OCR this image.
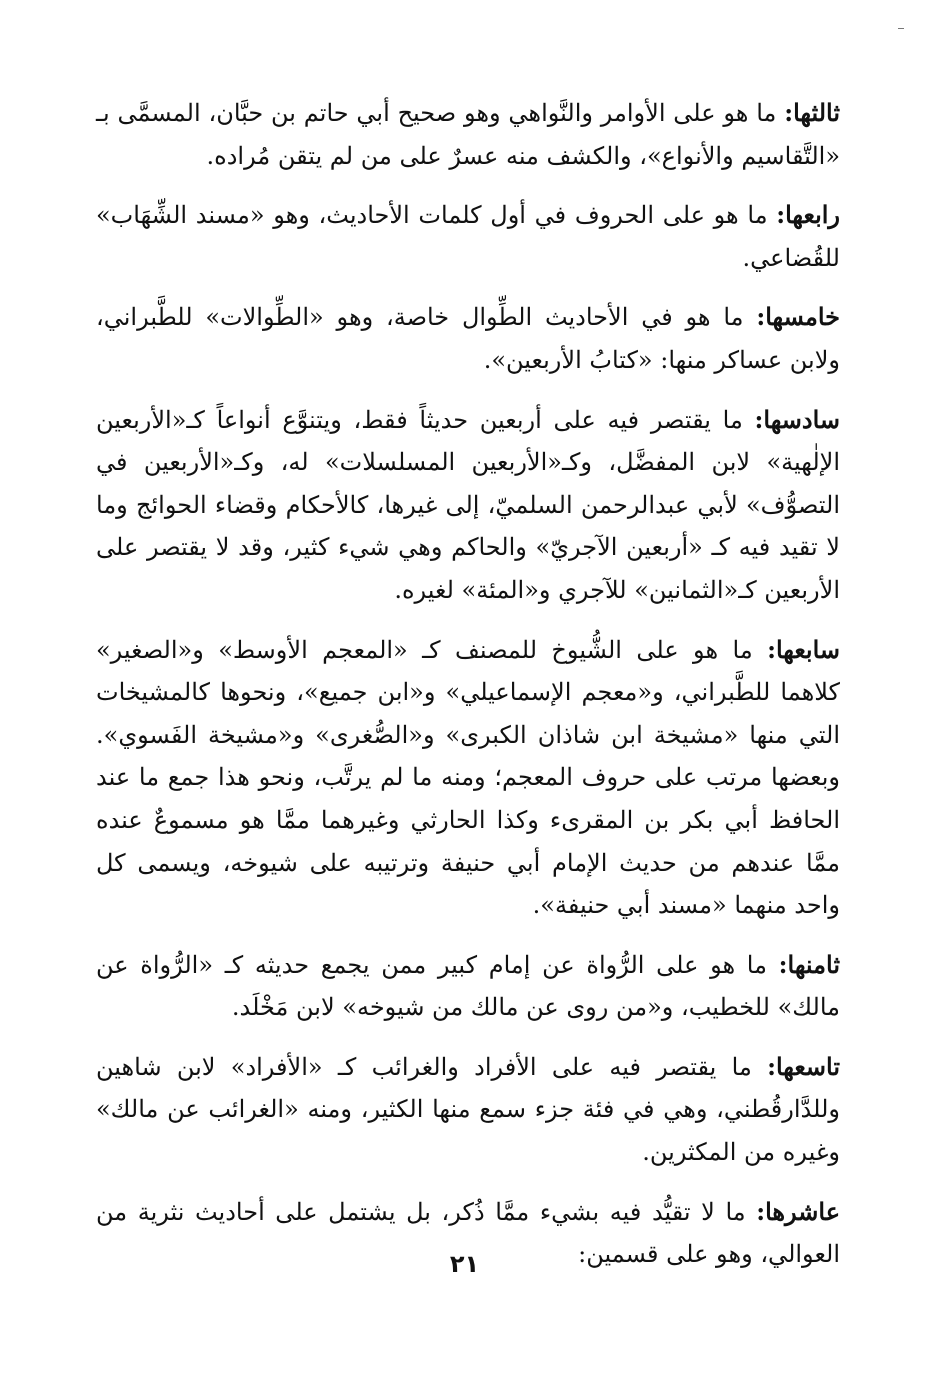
ثالثها: ما هو على الأوامر والنَّواهي وهو صحيح أبي حاتم بن حبَّان، المسمَّى بـ «التَّقاسيم والأنواع»، والكشف منه عسرٌ على من لم يتقن مُراده.

رابعها: ما هو على الحروف في أول كلمات الأحاديث، وهو «مسند الشِّهَاب» للقُضاعي.

خامسها: ما هو في الأحاديث الطِّوال خاصة، وهو «الطِّوالات» للطَّبراني، ولابن عساكر منها: «كتابُ الأربعين».

سادسها: ما يقتصر فيه على أربعين حديثاً فقط، ويتنوَّع أنواعاً كـ«الأربعين الإلٰهية» لابن المفضَّل، وكـ«الأربعين المسلسلات» له، وكـ«الأربعين في التصوُّف» لأبي عبدالرحمن السلميّ، إلى غيرها، كالأحكام وقضاء الحوائج وما لا تقيد فيه كـ «أربعين الآجريّ» والحاكم وهي شيء كثير، وقد لا يقتصر على الأربعين كـ«الثمانين» للآجري و«المئة» لغيره.

سابعها: ما هو على الشُّيوخ للمصنف كـ «المعجم الأوسط» و«الصغير» كلاهما للطَّبراني، و«معجم الإسماعيلي» و«ابن جميع»، ونحوها كالمشيخات التي منها «مشيخة ابن شاذان الكبرى» و«الصُّغرى» و«مشيخة الفَسوي». وبعضها مرتب على حروف المعجم؛ ومنه ما لم يرتَّب، ونحو هذا جمع ما عند الحافظ أبي بكر بن المقرىء وكذا الحارثي وغيرهما ممَّا هو مسموعٌ عنده ممَّا عندهم من حديث الإمام أبي حنيفة وترتيبه على شيوخه، ويسمى كل واحد منهما «مسند أبي حنيفة».

ثامنها: ما هو على الرُّواة عن إمام كبير ممن يجمع حديثه كـ «الرُّواة عن مالك» للخطيب، و«من روى عن مالك من شيوخه» لابن مَخْلَد.

تاسعها: ما يقتصر فيه على الأفراد والغرائب كـ «الأفراد» لابن شاهين وللدَّارقُطني، وهي في فئة جزء سمع منها الكثير، ومنه «الغرائب عن مالك» وغيره من المكثرين.

عاشرها: ما لا تقيُّد فيه بشيء ممَّا ذُكر، بل يشتمل على أحاديث نثرية من العوالي، وهو على قسمين:

٢١
